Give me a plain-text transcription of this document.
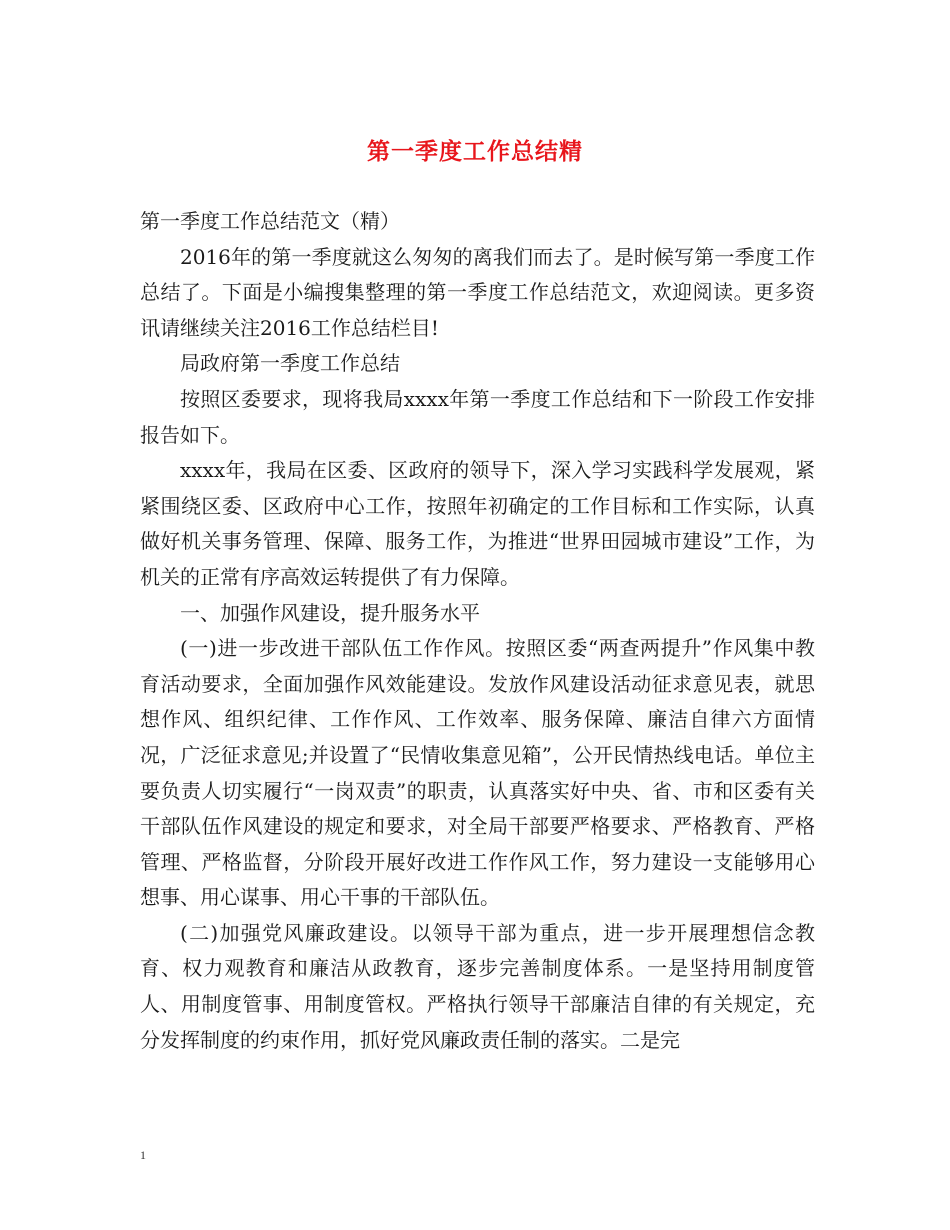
第一季度工作总结精

第一季度工作总结范文（精）

2016年的第一季度就这么匆匆的离我们而去了。是时候写第一季度工作总结了。下面是小编搜集整理的第一季度工作总结范文，欢迎阅读。更多资讯请继续关注2016工作总结栏目!

局政府第一季度工作总结

按照区委要求，现将我局xxxx年第一季度工作总结和下一阶段工作安排报告如下。

xxxx年，我局在区委、区政府的领导下，深入学习实践科学发展观，紧紧围绕区委、区政府中心工作，按照年初确定的工作目标和工作实际，认真做好机关事务管理、保障、服务工作，为推进“世界田园城市建设”工作，为机关的正常有序高效运转提供了有力保障。

一、加强作风建设，提升服务水平

(一)进一步改进干部队伍工作作风。按照区委“两查两提升”作风集中教育活动要求，全面加强作风效能建设。发放作风建设活动征求意见表，就思想作风、组织纪律、工作作风、工作效率、服务保障、廉洁自律六方面情况，广泛征求意见;并设置了“民情收集意见箱”，公开民情热线电话。单位主要负责人切实履行“一岗双责”的职责，认真落实好中央、省、市和区委有关干部队伍作风建设的规定和要求，对全局干部要严格要求、严格教育、严格管理、严格监督，分阶段开展好改进工作作风工作，努力建设一支能够用心想事、用心谋事、用心干事的干部队伍。

(二)加强党风廉政建设。以领导干部为重点，进一步开展理想信念教育、权力观教育和廉洁从政教育，逐步完善制度体系。一是坚持用制度管人、用制度管事、用制度管权。严格执行领导干部廉洁自律的有关规定，充分发挥制度的约束作用，抓好党风廉政责任制的落实。二是完

1
